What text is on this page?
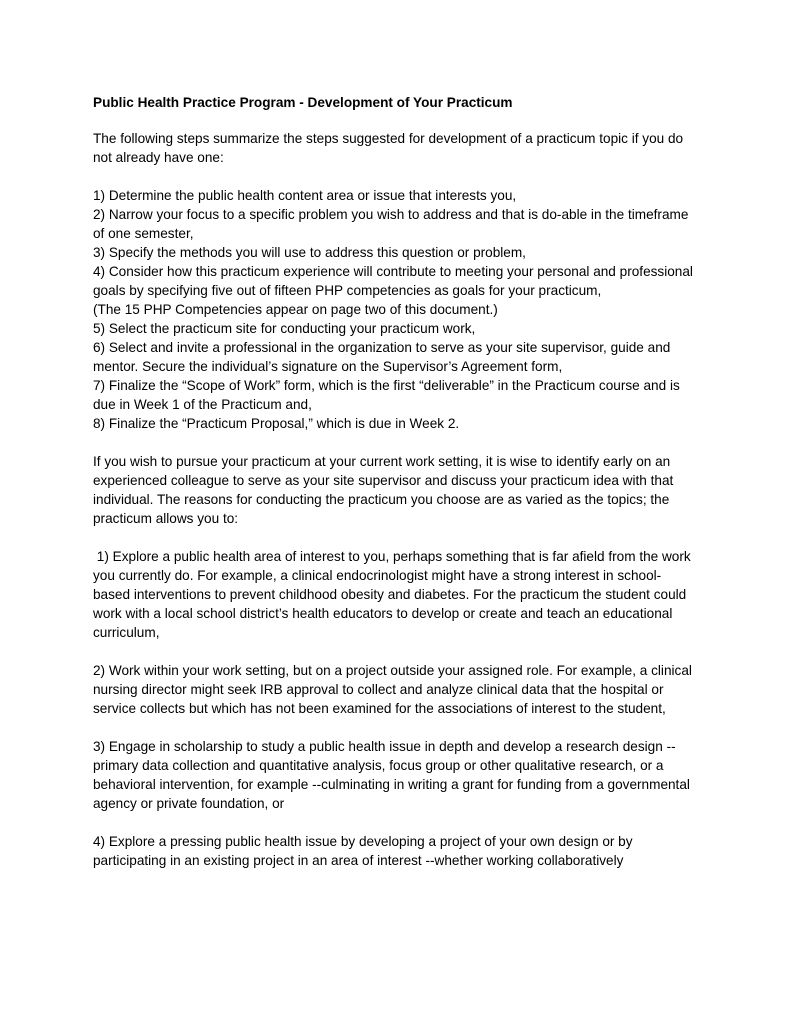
Public Health Practice Program - Development of Your Practicum
The following steps summarize the steps suggested for development of a practicum topic if you do not already have one:
1) Determine the public health content area or issue that interests you,
2) Narrow your focus to a specific problem you wish to address and that is do-able in the timeframe of one semester,
3) Specify the methods you will use to address this question or problem,
4) Consider how this practicum experience will contribute to meeting your personal and professional goals by specifying five out of fifteen PHP competencies as goals for your practicum,
(The 15 PHP Competencies appear on page two of this document.)
5) Select the practicum site for conducting your practicum work,
6) Select and invite a professional in the organization to serve as your site supervisor, guide and mentor. Secure the individual’s signature on the Supervisor’s Agreement form,
7) Finalize the “Scope of Work” form, which is the first “deliverable” in the Practicum course and is due in Week 1 of the Practicum and,
8) Finalize the “Practicum Proposal,” which is due in Week 2.
If you wish to pursue your practicum at your current work setting, it is wise to identify early on an experienced colleague to serve as your site supervisor and discuss your practicum idea with that individual. The reasons for conducting the practicum you choose are as varied as the topics; the practicum allows you to:
1) Explore a public health area of interest to you, perhaps something that is far afield from the work you currently do. For example, a clinical endocrinologist might have a strong interest in school-based interventions to prevent childhood obesity and diabetes. For the practicum the student could work with a local school district’s health educators to develop or create and teach an educational curriculum,
2) Work within your work setting, but on a project outside your assigned role. For example, a clinical nursing director might seek IRB approval to collect and analyze clinical data that the hospital or service collects but which has not been examined for the associations of interest to the student,
3) Engage in scholarship to study a public health issue in depth and develop a research design --primary data collection and quantitative analysis, focus group or other qualitative research, or a behavioral intervention, for example --culminating in writing a grant for funding from a governmental agency or private foundation, or
4) Explore a pressing public health issue by developing a project of your own design or by participating in an existing project in an area of interest --whether working collaboratively
